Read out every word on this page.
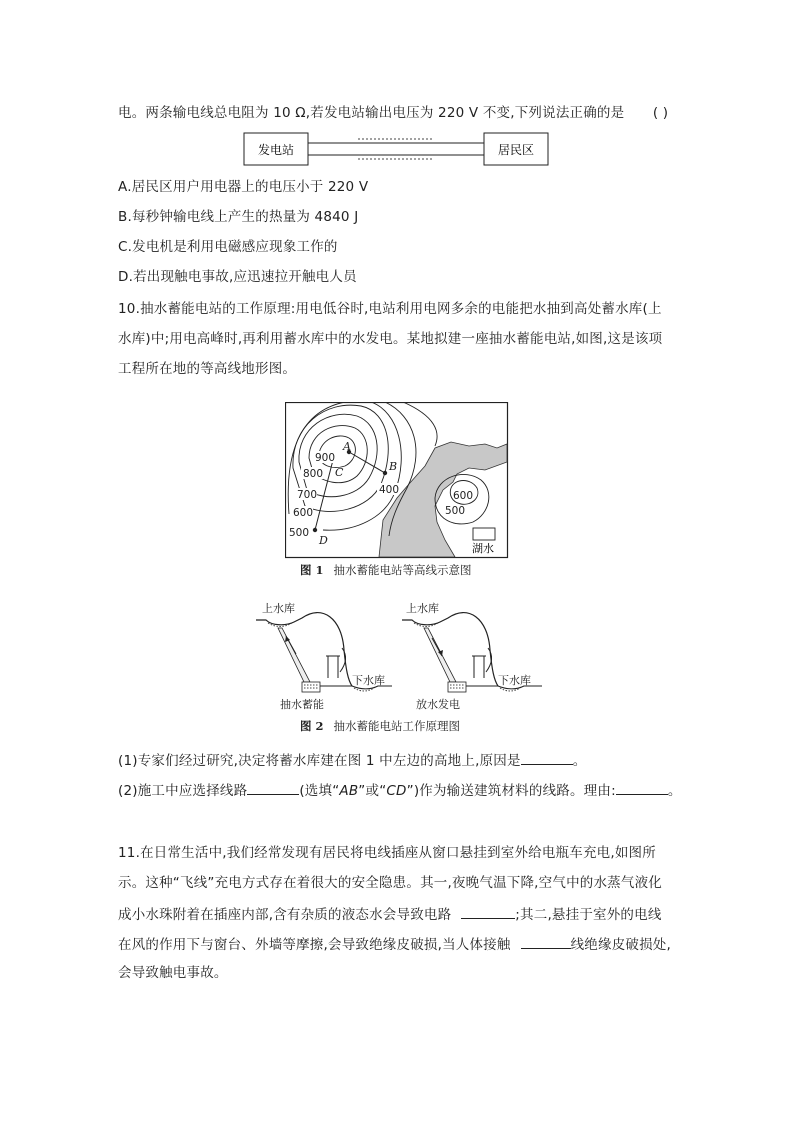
电。两条输电线总电阻为 10 Ω,若发电站输出电压为 220 V 不变,下列说法正确的是 ( )
发电站	居民区
A.居民区用户用电器上的电压小于 220 V
B.每秒钟输电线上产生的热量为 4840 J
C.发电机是利用电磁感应现象工作的
D.若出现触电事故,应迅速拉开触电人员
10.抽水蓄能电站的工作原理:用电低谷时,电站利用电网多余的电能把水抽到高处蓄水库(上
水库)中;用电高峰时,再利用蓄水库中的水发电。某地拟建一座抽水蓄能电站,如图,这是该项
工程所在地的等高线地形图。
A
B
C
D
900
800
700
600
500
400	600
500
湖水
图 1 抽水蓄能电站等高线示意图
上水库
下水库
抽水蓄能
上水库
下水库
放水发电
图 2 抽水蓄能电站工作原理图
(1)专家们经过研究,决定将蓄水库建在图 1 中左边的高地上,原因是	。
(2)施工中应选择线路	(选填“AB”或“CD”)作为输送建筑材料的线路。理由:	。
11.在日常生活中,我们经常发现有居民将电线插座从窗口悬挂到室外给电瓶车充电,如图所
示。这种“飞线”充电方式存在着很大的安全隐患。其一,夜晚气温下降,空气中的水蒸气液化
成小水珠附着在插座内部,含有杂质的液态水会导致电路	;其二,悬挂于室外的电线
在风的作用下与窗台、外墙等摩擦,会导致绝缘皮破损,当人体接触	线绝缘皮破损处,
会导致触电事故。
